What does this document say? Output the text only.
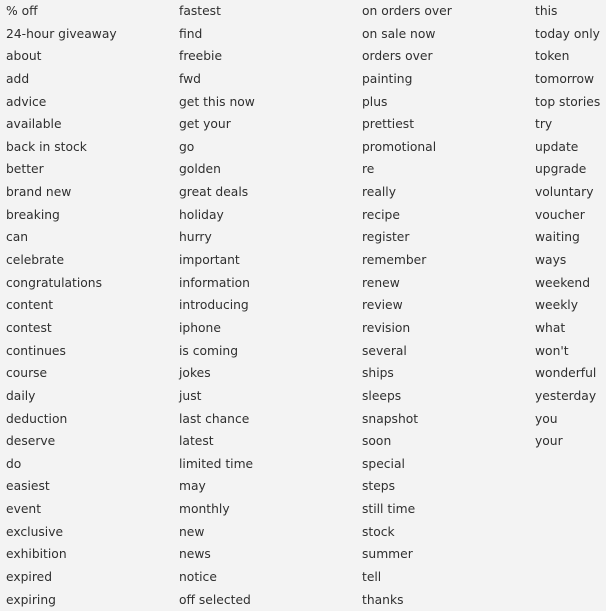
% off
24-hour giveaway
about
add
advice
available
back in stock
better
brand new
breaking
can
celebrate
congratulations
content
contest
continues
course
daily
deduction
deserve
do
easiest
event
exclusive
exhibition
expired
expiring
fastest
find
freebie
fwd
get this now
get your
go
golden
great deals
holiday
hurry
important
information
introducing
iphone
is coming
jokes
just
last chance
latest
limited time
may
monthly
new
news
notice
off selected
on orders over
on sale now
orders over
painting
plus
prettiest
promotional
re
really
recipe
register
remember
renew
review
revision
several
ships
sleeps
snapshot
soon
special
steps
still time
stock
summer
tell
thanks
this
today only
token
tomorrow
top stories
try
update
upgrade
voluntary
voucher
waiting
ways
weekend
weekly
what
won't
wonderful
yesterday
you
your
